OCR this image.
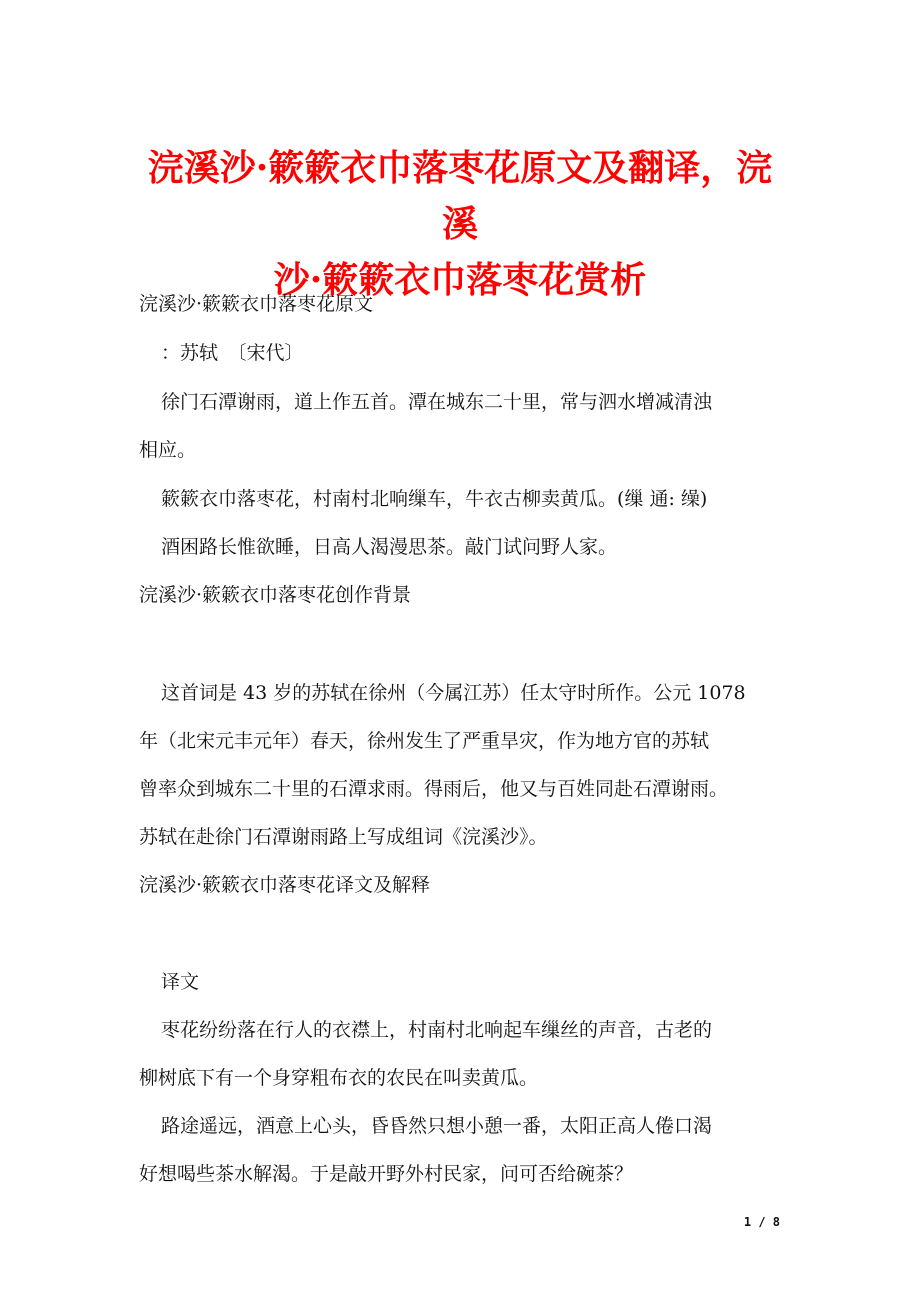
浣溪沙·簌簌衣巾落枣花原文及翻译，浣溪
沙·簌簌衣巾落枣花赏析
浣溪沙·簌簌衣巾落枣花原文
：苏轼　〔宋代〕
徐门石潭谢雨，道上作五首。潭在城东二十里，常与泗水增减清浊
相应。
簌簌衣巾落枣花，村南村北响缫车，牛衣古柳卖黄瓜。(缫 通: 缲)
酒困路长惟欲睡，日高人渴漫思茶。敲门试问野人家。
浣溪沙·簌簌衣巾落枣花创作背景
这首词是 43 岁的苏轼在徐州（今属江苏）任太守时所作。公元 1078
年（北宋元丰元年）春天，徐州发生了严重旱灾，作为地方官的苏轼
曾率众到城东二十里的石潭求雨。得雨后，他又与百姓同赴石潭谢雨。
苏轼在赴徐门石潭谢雨路上写成组词《浣溪沙》。
浣溪沙·簌簌衣巾落枣花译文及解释
译文
枣花纷纷落在行人的衣襟上，村南村北响起车缫丝的声音，古老的
柳树底下有一个身穿粗布衣的农民在叫卖黄瓜。
路途遥远，酒意上心头，昏昏然只想小憩一番，太阳正高人倦口渴
好想喝些茶水解渴。于是敲开野外村民家，问可否给碗茶？
1 / 8
